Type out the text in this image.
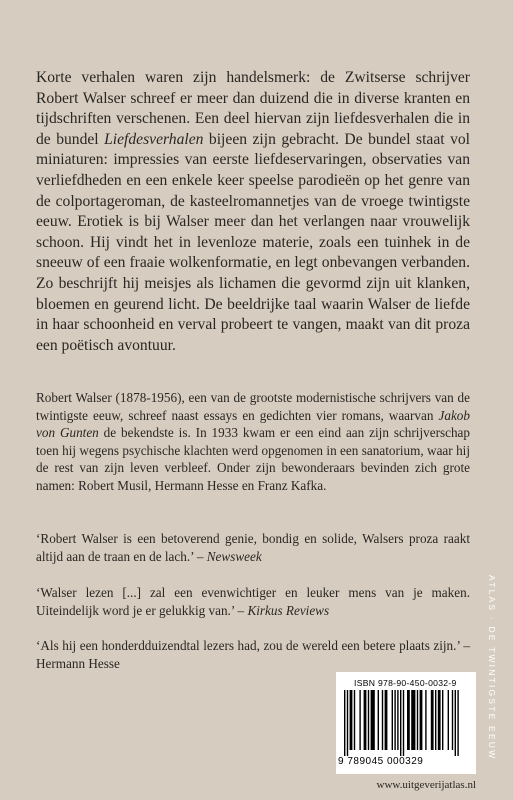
Korte verhalen waren zijn handelsmerk: de Zwitserse schrijver Robert Walser schreef er meer dan duizend die in diverse kranten en tijdschriften verschenen. Een deel hiervan zijn liefdesverhalen die in de bundel Liefdesverhalen bijeen zijn gebracht. De bundel staat vol miniaturen: impressies van eerste liefdeservaringen, observaties van verliefdheden en een enkele keer speelse parodieën op het genre van de colportageroman, de kasteelromannetjes van de vroege twintigste eeuw. Erotiek is bij Walser meer dan het verlangen naar vrouwelijk schoon. Hij vindt het in levenloze materie, zoals een tuinhek in de sneeuw of een fraaie wolkenformatie, en legt onbevangen verbanden. Zo beschrijft hij meisjes als lichamen die gevormd zijn uit klanken, bloemen en geurend licht. De beeldrijke taal waarin Walser de liefde in haar schoonheid en verval probeert te vangen, maakt van dit proza een poëtisch avontuur.

Robert Walser (1878-1956), een van de grootste modernistische schrijvers van de twintigste eeuw, schreef naast essays en gedichten vier romans, waarvan Jakob von Gunten de bekendste is. In 1933 kwam er een eind aan zijn schrijverschap toen hij wegens psychische klachten werd opgenomen in een sanatorium, waar hij de rest van zijn leven verbleef. Onder zijn bewonderaars bevinden zich grote namen: Robert Musil, Hermann Hesse en Franz Kafka.

‘Robert Walser is een betoverend genie, bondig en solide, Walsers proza raakt altijd aan de traan en de lach.’ – Newsweek

‘Walser lezen [...] zal een evenwichtiger en leuker mens van je maken. Uiteindelijk word je er gelukkig van.’ – Kirkus Reviews

‘Als hij een honderdduizendtal lezers had, zou de wereld een betere plaats zijn.’ – Hermann Hesse	ATLAS · DE TWINTIGSTE EEUW
ISBN 978-90-450-0032-9
9 789045 000329
www.uitgeverijatlas.nl
